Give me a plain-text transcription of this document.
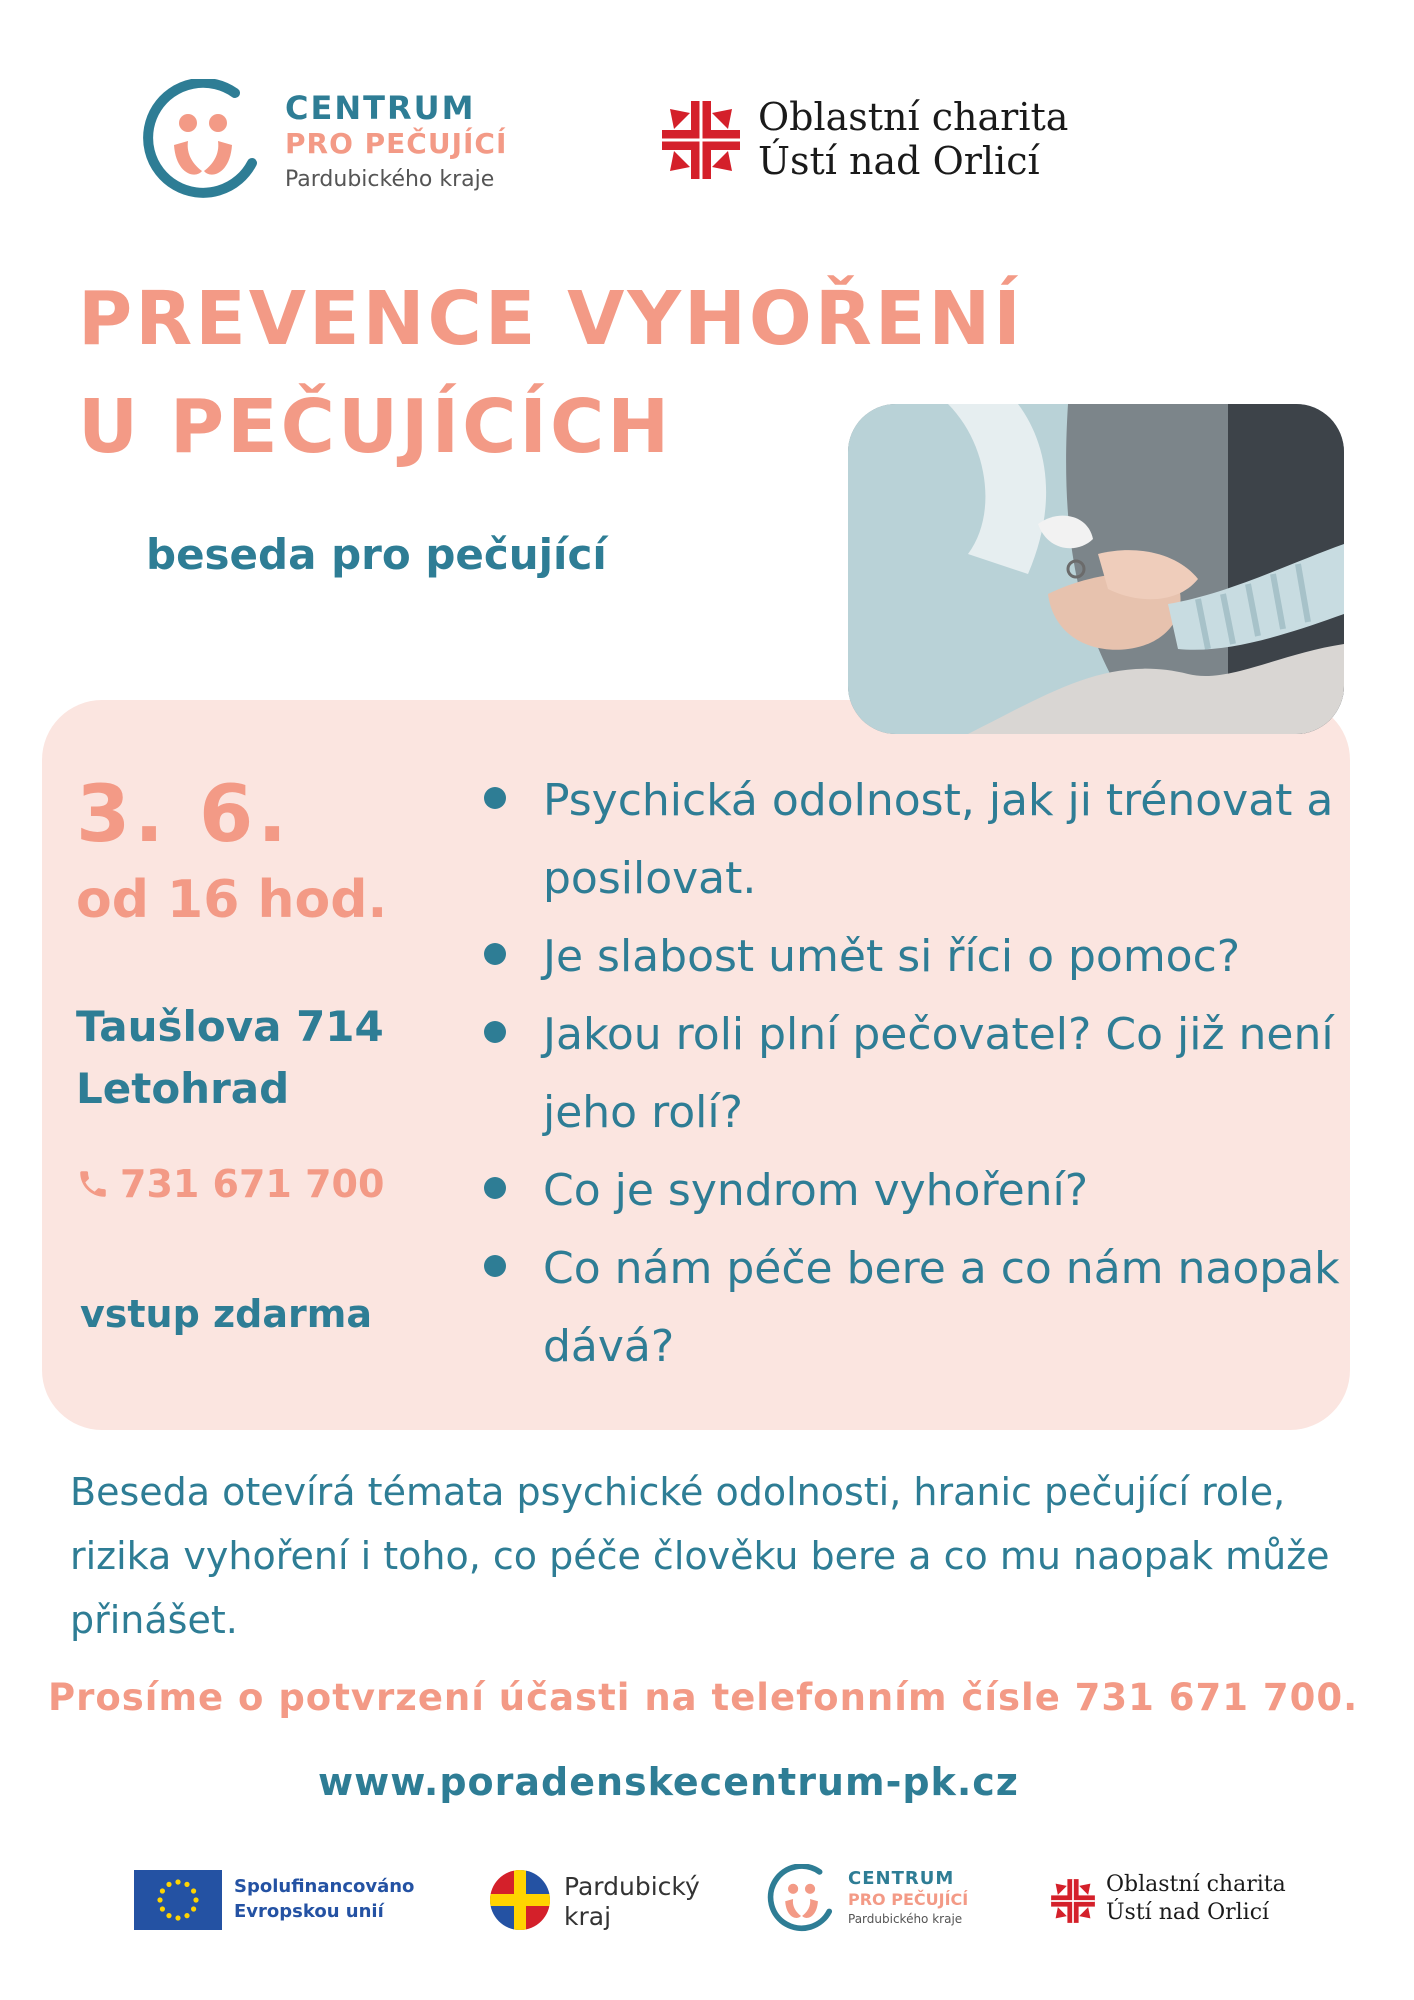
CENTRUM
PRO PEČUJÍCÍ
Pardubického kraje
Oblastní charita
Ústí nad Orlicí
PREVENCE VYHOŘENÍ
U PEČUJÍCÍCH
beseda pro pečující
3. 6.
od 16 hod.
Taušlova 714
Letohrad
731 671 700
vstup zdarma
Psychická odolnost, jak ji trénovat a posilovat.
Je slabost umět si říci o pomoc?
Jakou roli plní pečovatel? Co již není jeho rolí?
Co je syndrom vyhoření?
Co nám péče bere a co nám naopak dává?
Beseda otevírá témata psychické odolnosti, hranic pečující role, rizika vyhoření i toho, co péče člověku bere a co mu naopak může přinášet.
Prosíme o potvrzení účasti na telefonním čísle 731 671 700.
www.poradenskecentrum-pk.cz
Spolufinancováno
Evropskou unií
Pardubický
kraj
CENTRUM
PRO PEČUJÍCÍ
Pardubického kraje
Oblastní charita
Ústí nad Orlicí
